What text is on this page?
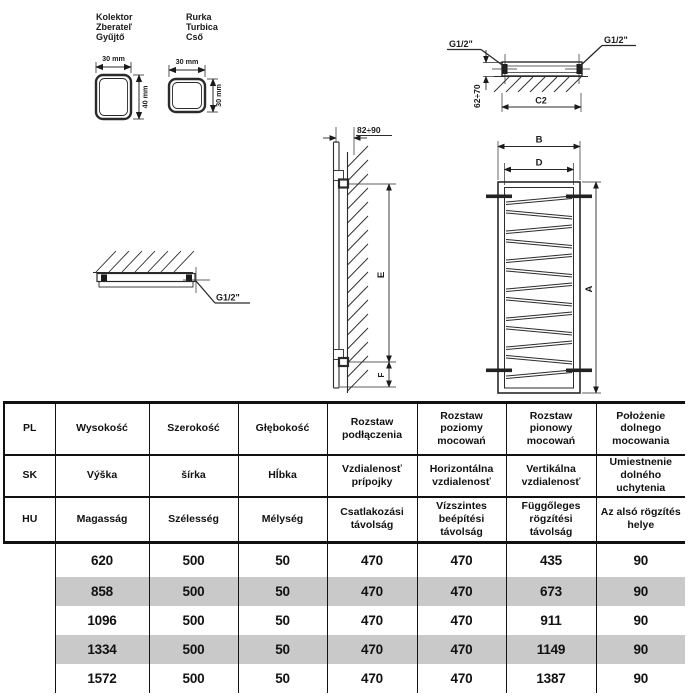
Kolektor
Zberateľ
Gyűjtő
30 mm
40 mm
Rurka
Turbica
Cső
30 mm
30 mm
G1/2"	G1/2"
62÷70	C2
G1/2"
82÷90
E
F
B
D
A
PL	Wysokość	Szerokość	Głębokość	Rozstaw podłączenia	Rozstaw poziomy mocowań	Rozstaw pionowy mocowań	Położenie dolnego mocowania
SK	Výška	šírka	Hĺbka	Vzdialenosť prípojky	Horizontálna vzdialenosť	Vertikálna vzdialenosť	Umiestnenie dolného uchytenia
HU	Magasság	Szélesség	Mélység	Csatlakozási távolság	Vízszintes beépítési távolság	Függőleges rögzítési távolság	Az alsó rögzítés helye
	620	500	50	470	470	435	90
	858	500	50	470	470	673	90
	1096	500	50	470	470	911	90
	1334	500	50	470	470	1149	90
	1572	500	50	470	470	1387	90
